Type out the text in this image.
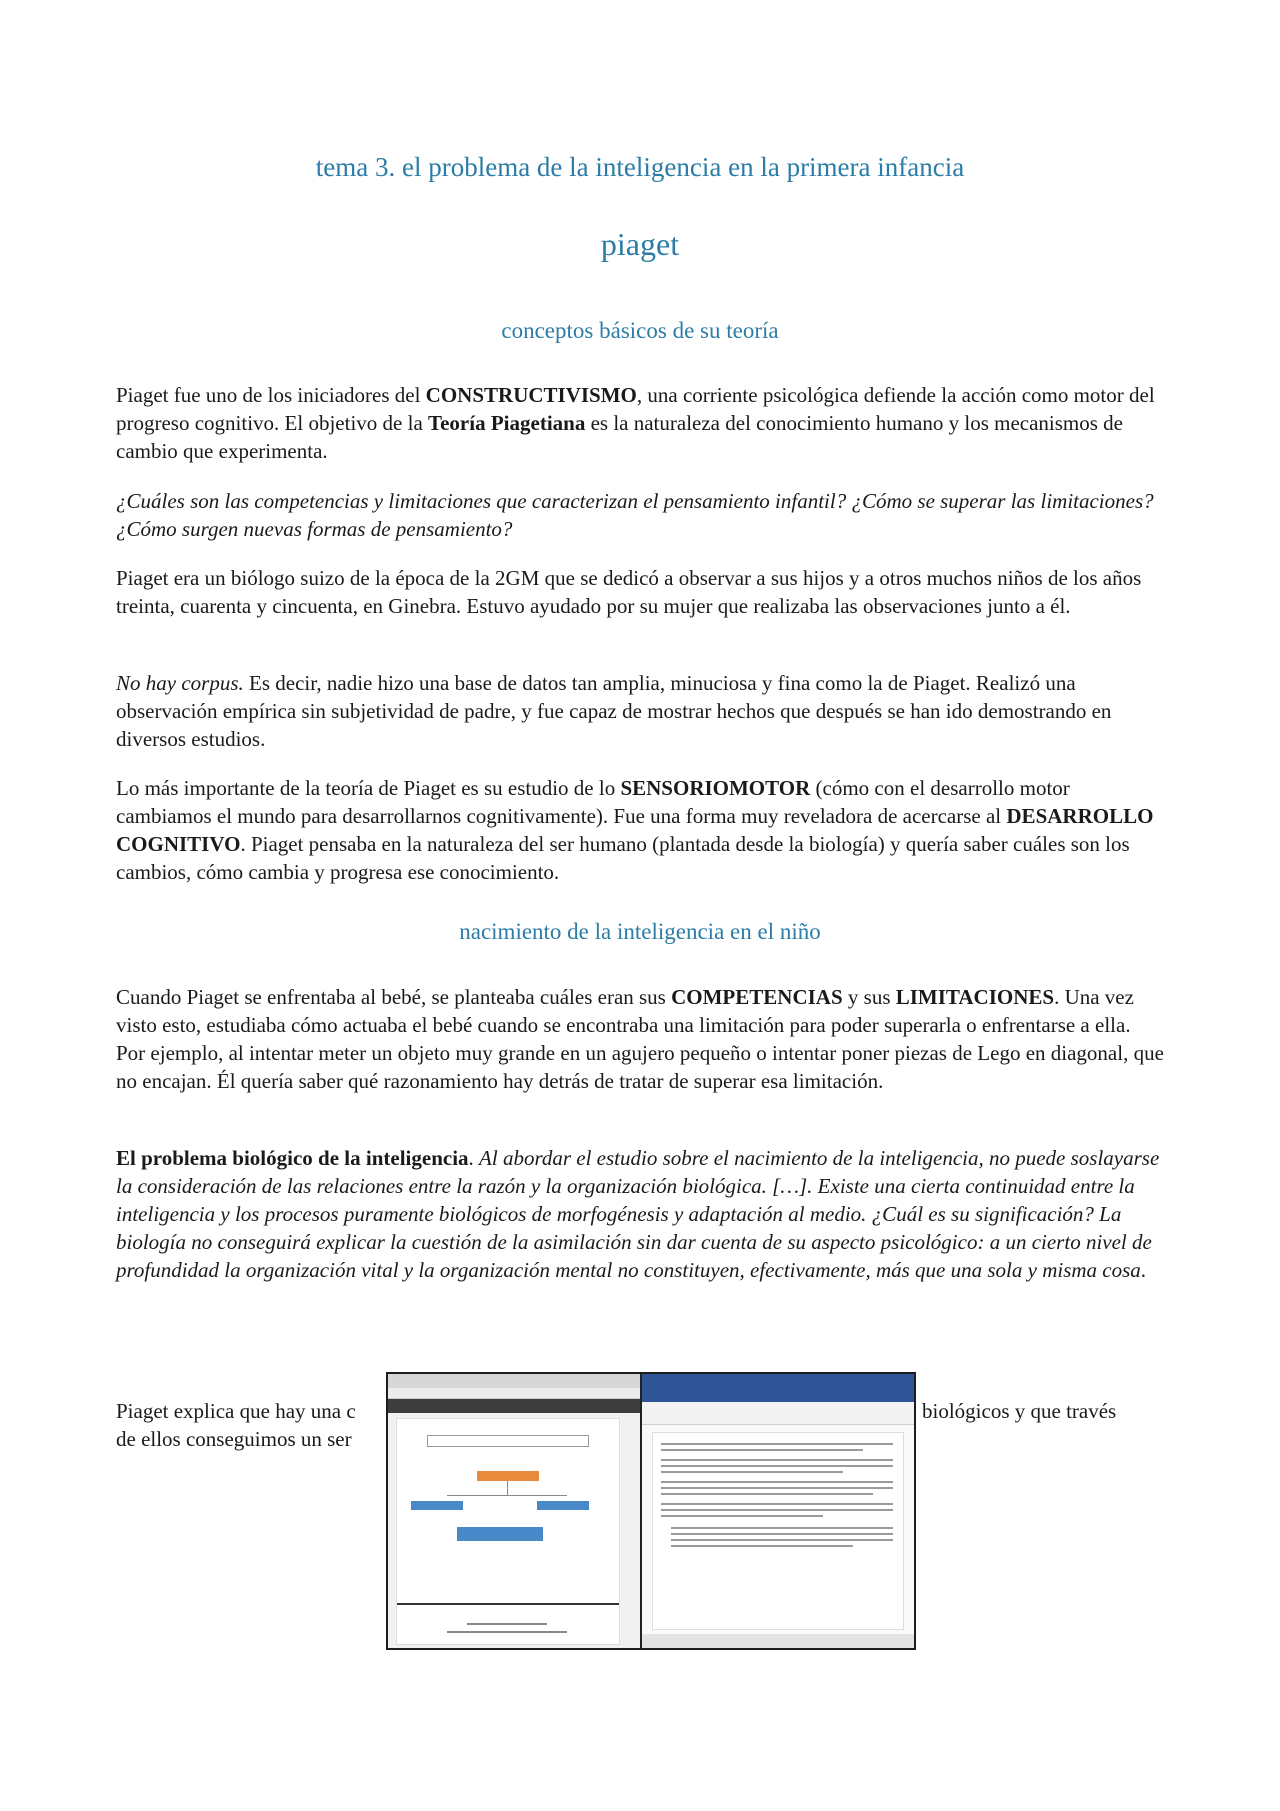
tema 3. el problema de la inteligencia en la primera infancia
piaget
conceptos básicos de su teoría

Piaget fue uno de los iniciadores del CONSTRUCTIVISMO, una corriente psicológica defiende la acción como motor del progreso cognitivo. El objetivo de la Teoría Piagetiana es la naturaleza del conocimiento humano y los mecanismos de cambio que experimenta.

¿Cuáles son las competencias y limitaciones que caracterizan el pensamiento infantil? ¿Cómo se superar las limitaciones? ¿Cómo surgen nuevas formas de pensamiento?

Piaget era un biólogo suizo de la época de la 2GM que se dedicó a observar a sus hijos y a otros muchos niños de los años treinta, cuarenta y cincuenta, en Ginebra. Estuvo ayudado por su mujer que realizaba las observaciones junto a él.

No hay corpus. Es decir, nadie hizo una base de datos tan amplia, minuciosa y fina como la de Piaget. Realizó una observación empírica sin subjetividad de padre, y fue capaz de mostrar hechos que después se han ido demostrando en diversos estudios.

Lo más importante de la teoría de Piaget es su estudio de lo SENSORIOMOTOR (cómo con el desarrollo motor cambiamos el mundo para desarrollarnos cognitivamente). Fue una forma muy reveladora de acercarse al DESARROLLO COGNITIVO. Piaget pensaba en la naturaleza del ser humano (plantada desde la biología) y quería saber cuáles son los cambios, cómo cambia y progresa ese conocimiento.

nacimiento de la inteligencia en el niño

Cuando Piaget se enfrentaba al bebé, se planteaba cuáles eran sus COMPETENCIAS y sus LIMITACIONES. Una vez visto esto, estudiaba cómo actuaba el bebé cuando se encontraba una limitación para poder superarla o enfrentarse a ella. Por ejemplo, al intentar meter un objeto muy grande en un agujero pequeño o intentar poner piezas de Lego en diagonal, que no encajan. Él quería saber qué razonamiento hay detrás de tratar de superar esa limitación.

El problema biológico de la inteligencia. Al abordar el estudio sobre el nacimiento de la inteligencia, no puede soslayarse la consideración de las relaciones entre la razón y la organización biológica. […]. Existe una cierta continuidad entre la inteligencia y los procesos puramente biológicos de morfogénesis y adaptación al medio. ¿Cuál es su significación? La biología no conseguirá explicar la cuestión de la asimilación sin dar cuenta de su aspecto psicológico: a un cierto nivel de profundidad la organización vital y la organización mental no constituyen, efectivamente, más que una sola y misma cosa.

Piaget explica que hay una c
de ellos conseguimos un ser

biológicos y que través
